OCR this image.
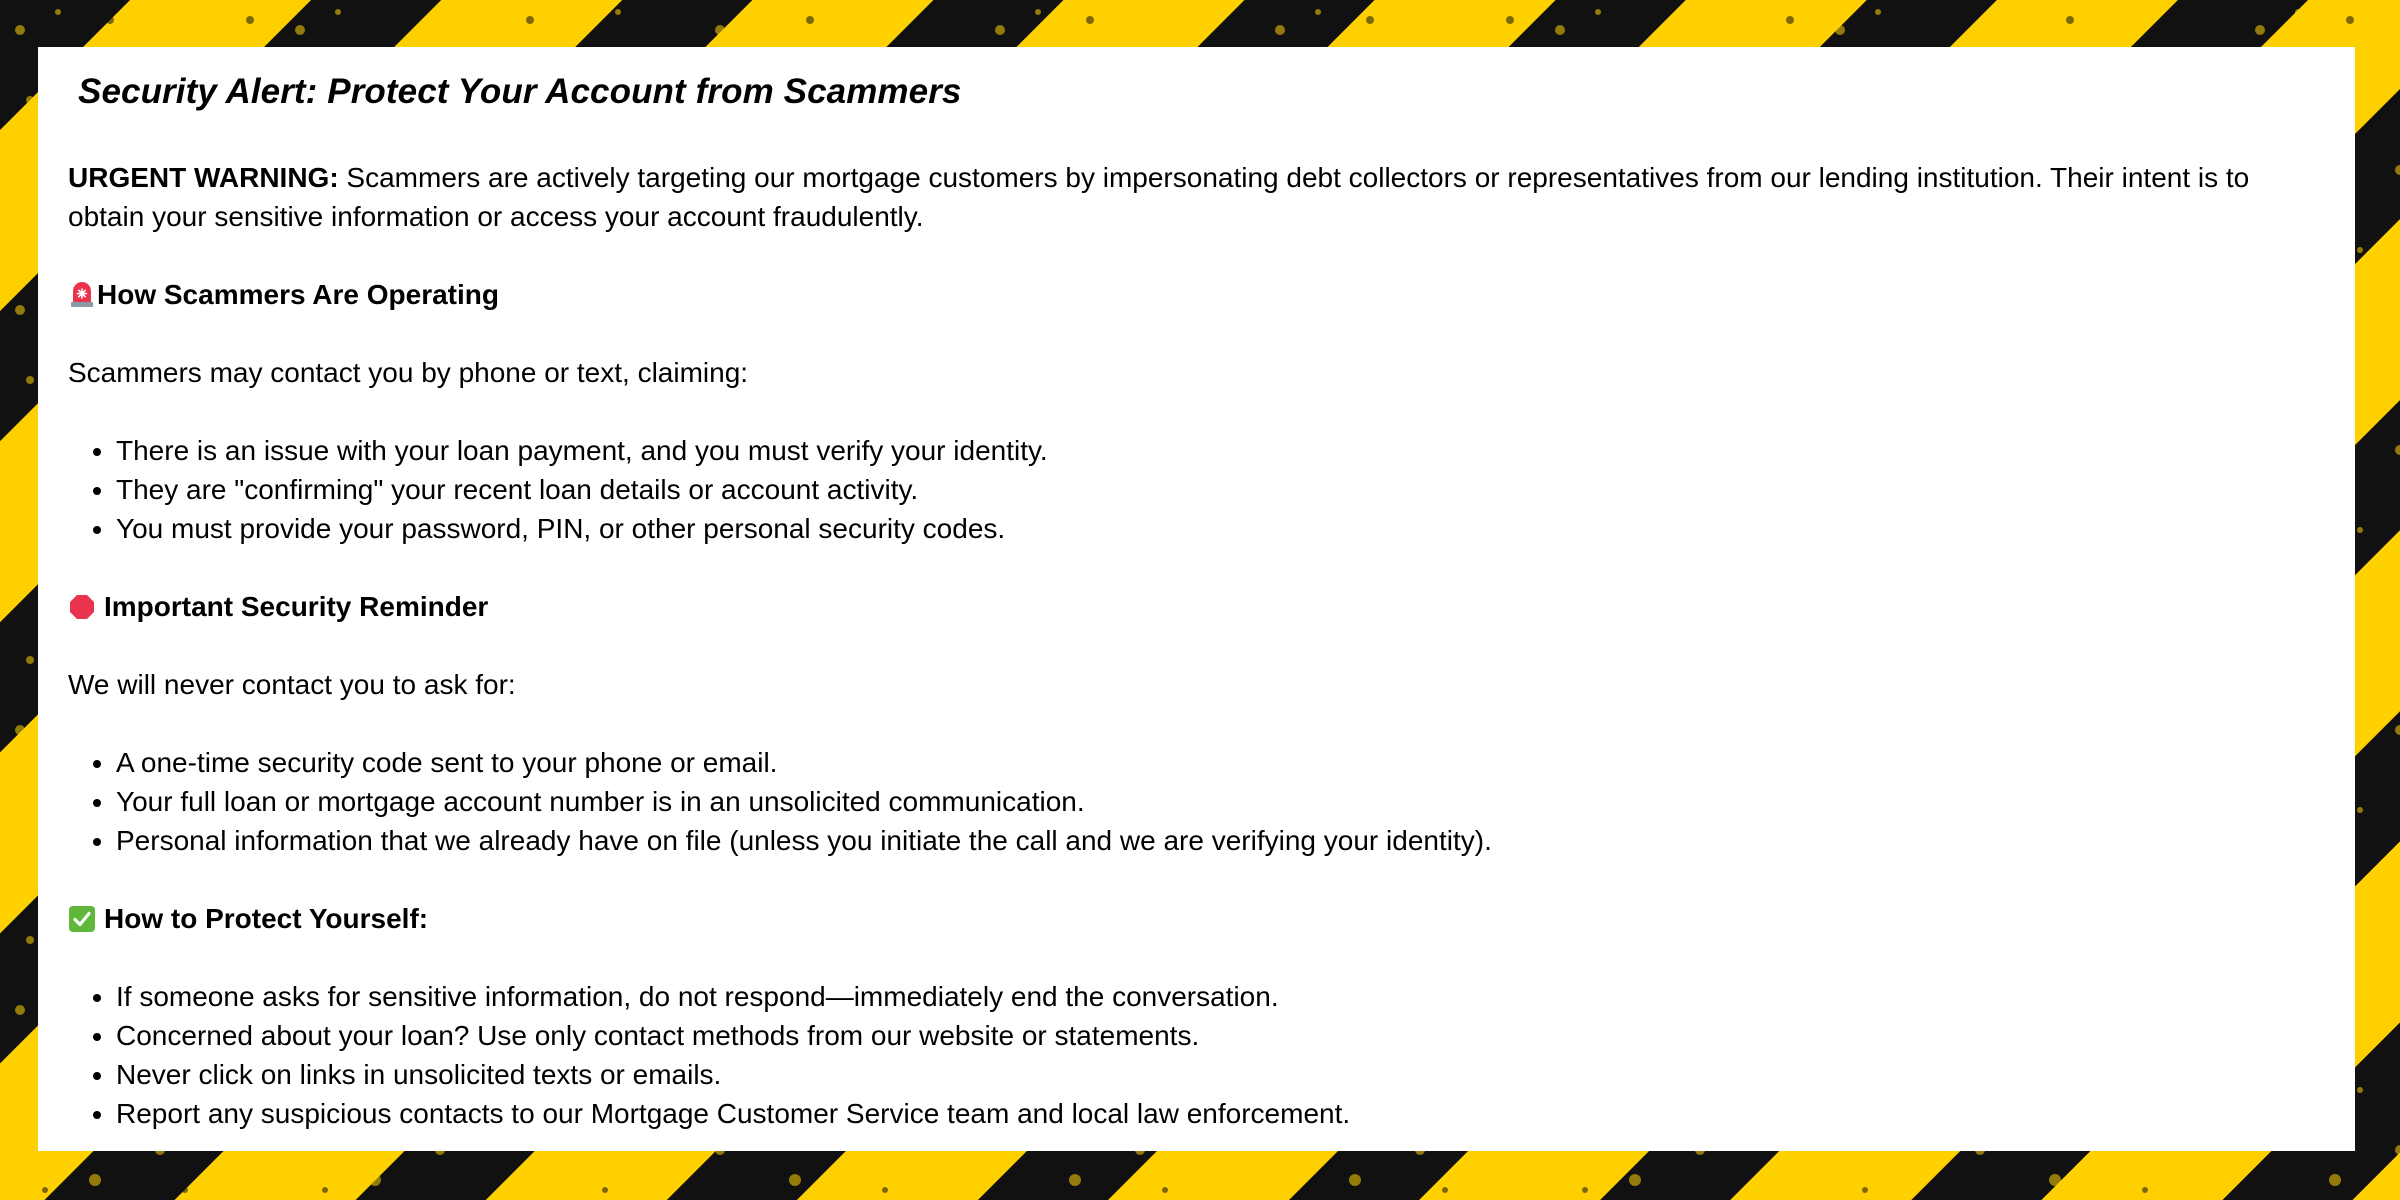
Security Alert: Protect Your Account from Scammers

URGENT WARNING: Scammers are actively targeting our mortgage customers by impersonating debt collectors or representatives from our lending institution. Their intent is to obtain your sensitive information or access your account fraudulently.

How Scammers Are Operating

Scammers may contact you by phone or text, claiming:

• There is an issue with your loan payment, and you must verify your identity.
• They are "confirming" your recent loan details or account activity.
• You must provide your password, PIN, or other personal security codes.
Important Security Reminder

We will never contact you to ask for:

• A one-time security code sent to your phone or email.
• Your full loan or mortgage account number is in an unsolicited communication.
• Personal information that we already have on file (unless you initiate the call and we are verifying your identity).
How to Protect Yourself:
• If someone asks for sensitive information, do not respond—immediately end the conversation.
• Concerned about your loan? Use only contact methods from our website or statements.
• Never click on links in unsolicited texts or emails.
• Report any suspicious contacts to our Mortgage Customer Service team and local law enforcement.
